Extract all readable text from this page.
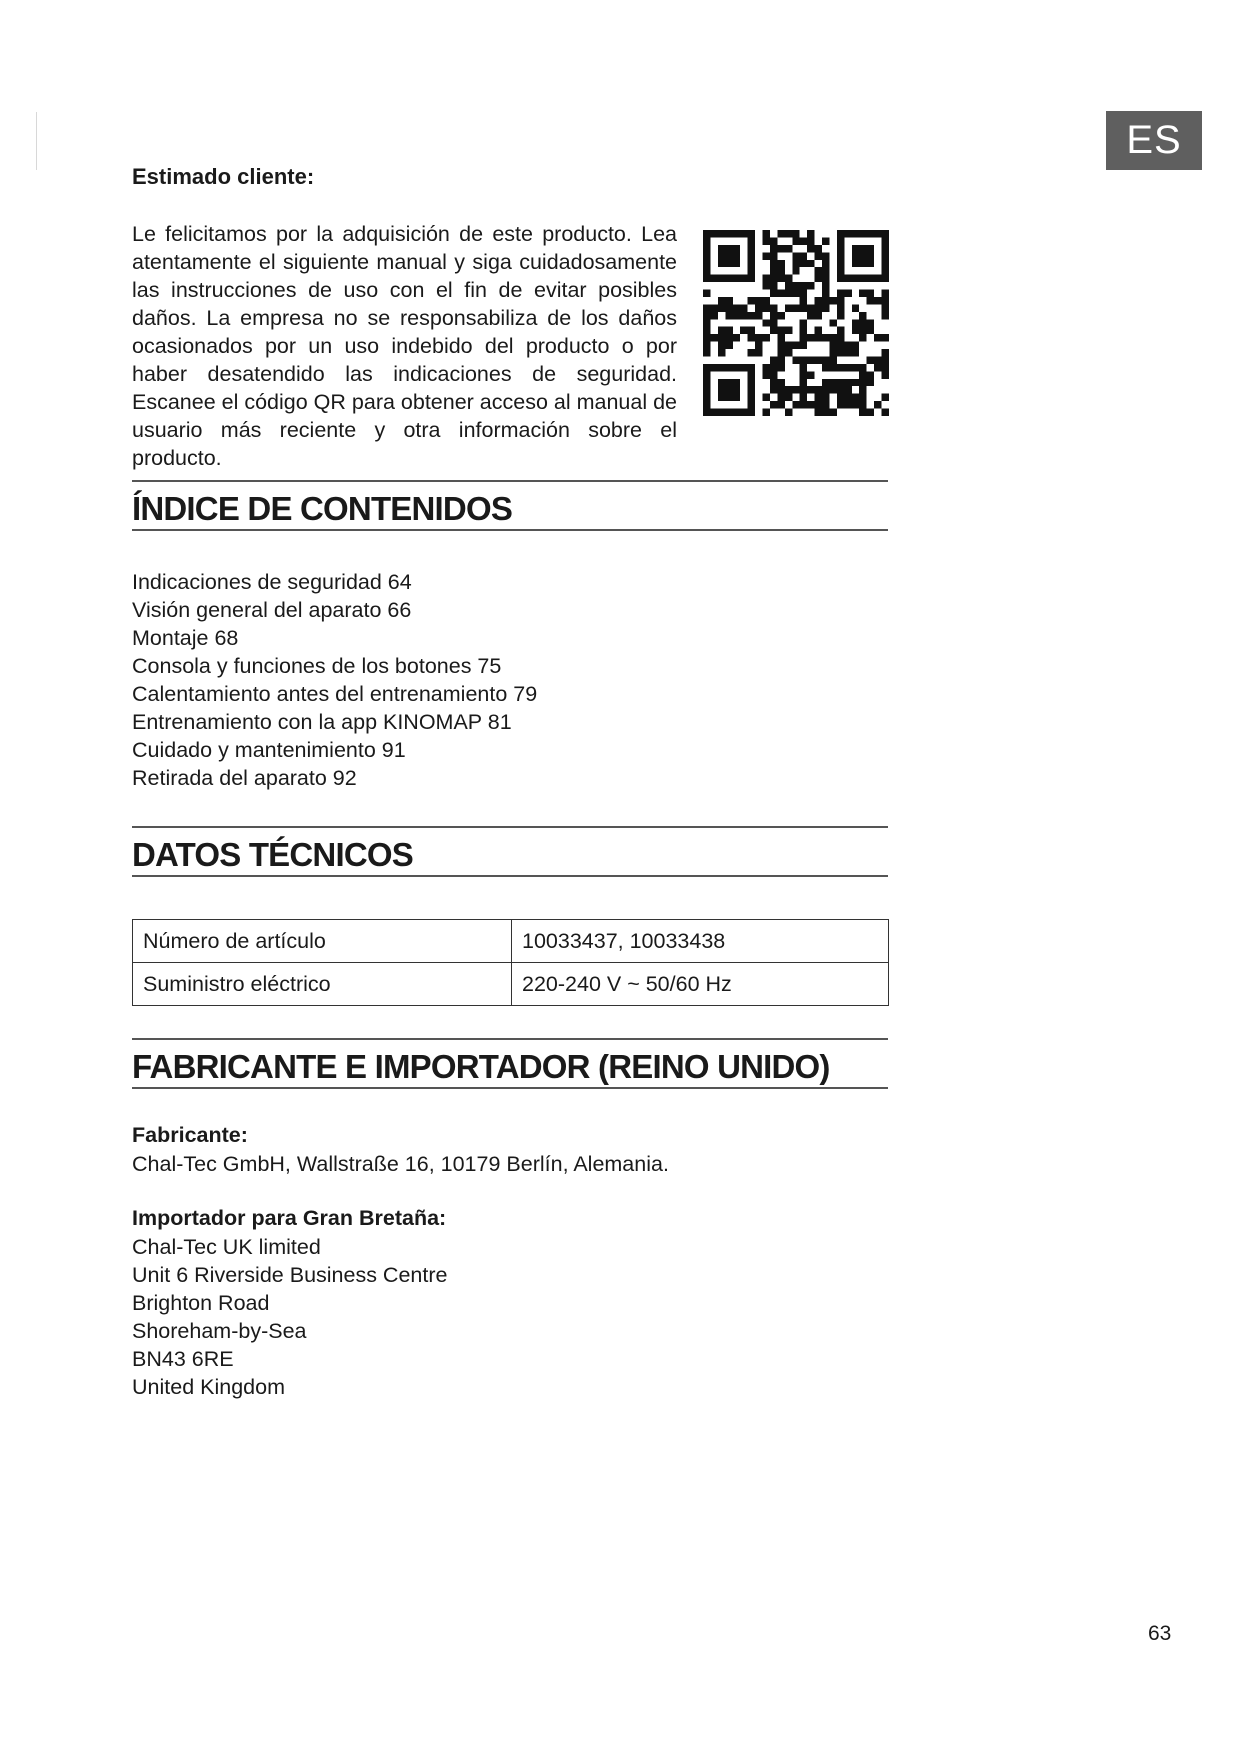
ES
Estimado cliente:
Le felicitamos por la adquisición de este producto. Lea atentamente el siguiente manual y siga cuidadosamente las instrucciones de uso con el fin de evitar posibles daños. La empresa no se responsabiliza de los daños ocasionados por un uso indebido del producto o por haber desatendido las indicaciones de seguridad. Escanee el código QR para obtener acceso al manual de usuario más reciente y otra información sobre el producto.
ÍNDICE DE CONTENIDOS
Indicaciones de seguridad 64
Visión general del aparato 66
Montaje 68
Consola y funciones de los botones 75
Calentamiento antes del entrenamiento 79
Entrenamiento con la app KINOMAP 81
Cuidado y mantenimiento 91
Retirada del aparato 92
DATOS TÉCNICOS
Número de artículo	10033437, 10033438
Suministro eléctrico	220-240 V ~ 50/60 Hz
FABRICANTE E IMPORTADOR (REINO UNIDO)
Fabricante:
Chal-Tec GmbH, Wallstraße 16, 10179 Berlín, Alemania.
Importador para Gran Bretaña:
Chal-Tec UK limited
Unit 6 Riverside Business Centre
Brighton Road
Shoreham-by-Sea
BN43 6RE
United Kingdom
63
